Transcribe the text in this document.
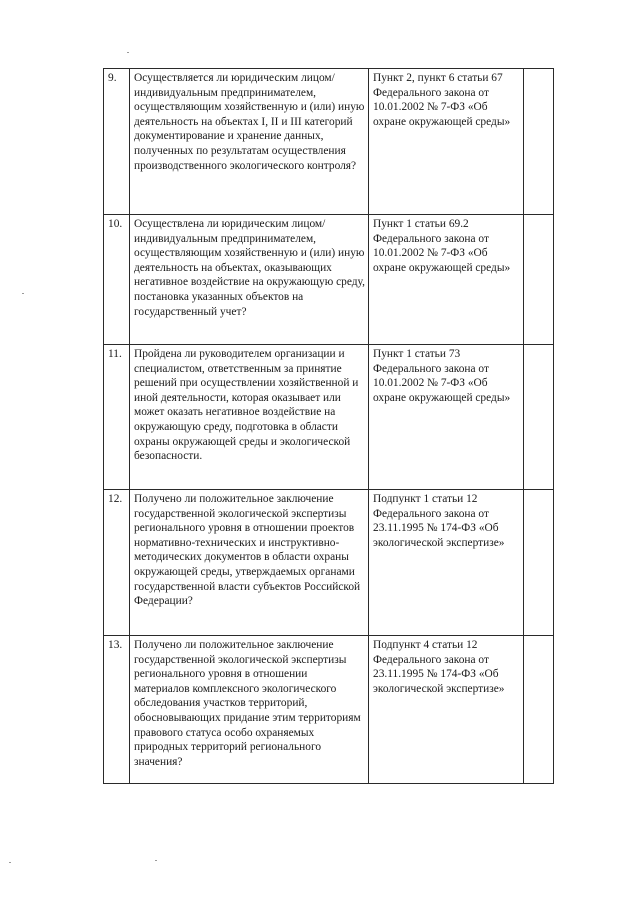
9.	Осуществляется ли юридическим лицом/индивидуальным предпринимателем, осуществляющим хозяйственную и (или) иную деятельность на объектах I, II и III категорий документирование и хранение данных, полученных по результатам осуществления производственного экологического контроля?	Пункт 2, пункт 6 статьи 67 Федерального закона от 10.01.2002 № 7-ФЗ «Об охране окружающей среды»	
10.	Осуществлена ли юридическим лицом/индивидуальным предпринимателем, осуществляющим хозяйственную и (или) иную деятельность на объектах, оказывающих негативное воздействие на окружающую среду, постановка указанных объектов на государственный учет?	Пункт 1 статьи 69.2 Федерального закона от 10.01.2002 № 7-ФЗ «Об охране окружающей среды»	
11.	Пройдена ли руководителем организации и специалистом, ответственным за принятие решений при осуществлении хозяйственной и иной деятельности, которая оказывает или может оказать негативное воздействие на окружающую среду, подготовка в области охраны окружающей среды и экологической безопасности.	Пункт 1 статьи 73 Федерального закона от 10.01.2002 № 7-ФЗ «Об охране окружающей среды»	
12.	Получено ли положительное заключение государственной экологической экспертизы регионального уровня в отношении проектов нормативно-технических и инструктивно-методических документов в области охраны окружающей среды, утверждаемых органами государственной власти субъектов Российской Федерации?	Подпункт 1 статьи 12 Федерального закона от 23.11.1995 № 174-ФЗ «Об экологической экспертизе»	
13.	Получено ли положительное заключение государственной экологической экспертизы регионального уровня в отношении материалов комплексного экологического обследования участков территорий, обосновывающих придание этим территориям правового статуса особо охраняемых природных территорий регионального значения?	Подпункт 4 статьи 12 Федерального закона от 23.11.1995 № 174-ФЗ «Об экологической экспертизе»	
